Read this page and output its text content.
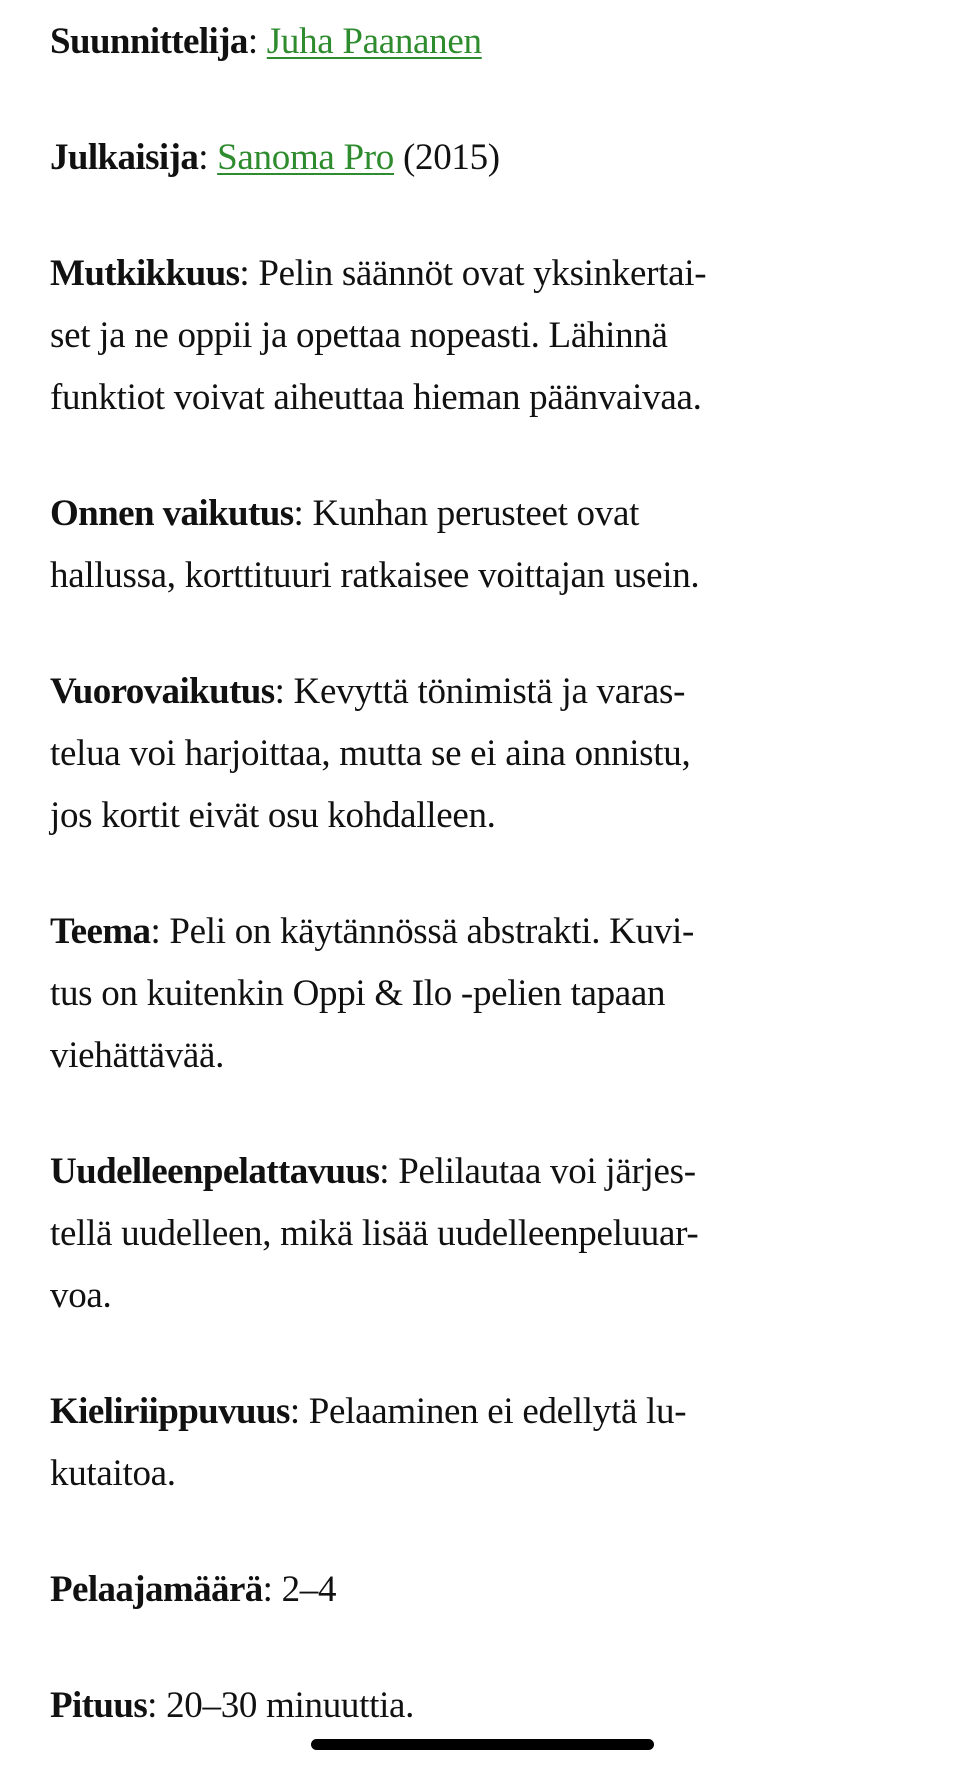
Suunnittelija: Juha Paananen

Julkaisija: Sanoma Pro (2015)

Mutkikkuus: Pelin säännöt ovat yksinkertai-
set ja ne oppii ja opettaa nopeasti. Lähinnä
funktiot voivat aiheuttaa hieman päänvaivaa.

Onnen vaikutus: Kunhan perusteet ovat
hallussa, korttituuri ratkaisee voittajan usein.

Vuorovaikutus: Kevyttä tönimistä ja varas-
telua voi harjoittaa, mutta se ei aina onnistu,
jos kortit eivät osu kohdalleen.

Teema: Peli on käytännössä abstrakti. Kuvi-
tus on kuitenkin Oppi & Ilo -pelien tapaan
viehättävää.

Uudelleenpelattavuus: Pelilautaa voi järjes-
tellä uudelleen, mikä lisää uudelleenpeluuar-
voa.

Kieliriippuvuus: Pelaaminen ei edellytä lu-
kutaitoa.

Pelaajamäärä: 2–4

Pituus: 20–30 minuuttia.
